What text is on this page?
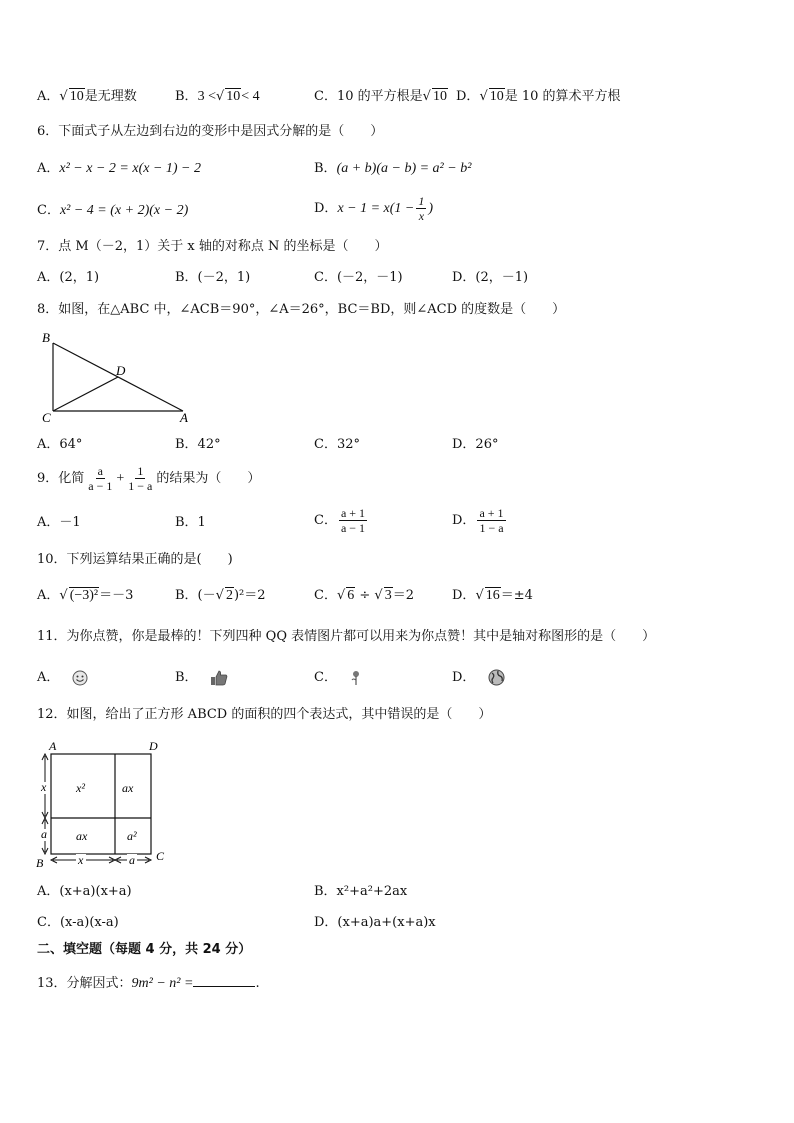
A．√ 10是无理数	B．3 <√ 10< 4	C．10 的平方根是√ 10 D．√ 10是 10 的算术平方根
6．下面式子从左边到右边的变形中是因式分解的是（　　）
A．x² − x − 2 = x(x − 1) − 2	B．(a + b)(a − b) = a² − b²
C．x² − 4 = (x + 2)(x − 2)	D．$x - 1 = x(1 - \frac{1}{x}$ )
7．点 M（－2，1）关于 x 轴的对称点 N 的坐标是（　　）
A．(2，1)	B．(－2，1)	C．(－2，－1)	D．(2，－1)
8．如图，在△ABC 中，∠ACB＝90°，∠A＝26°，BC＝BD，则∠ACD 的度数是（　　）
B
C
D
A
A．64°	B．42°	C．32°	D．26°
9．化简 $\frac{a}{a - 1} + \frac{1}{1 - a}$ 的结果为（　　）
A．－1	B．1	C． $\frac{a + 1}{a - 1}$	D． $\frac{a + 1}{1 - a}$
10．下列运算结果正确的是(　　)
A．√ (−3)²＝－3	B．(－√ 2)²＝2	C．√ 6 ÷ √ 3＝2	D．√ 16＝±4
11．为你点赞，你是最棒的！下列四种 QQ 表情图片都可以用来为你点赞！其中是轴对称图形的是（　　）
A．	B．	C．	D．
12．如图，给出了正方形 ABCD 的面积的四个表达式，其中错误的是（　　）
A	D
B	C
x²	ax
ax	a²
x
a
x	a
A．(x+a)(x+a)	B．x²+a²+2ax
C．(x-a)(x-a)	D．(x+a)a+(x+a)x
二、填空题（每题 4 分，共 24 分）
13．分解因式：9m² − n² =	.
